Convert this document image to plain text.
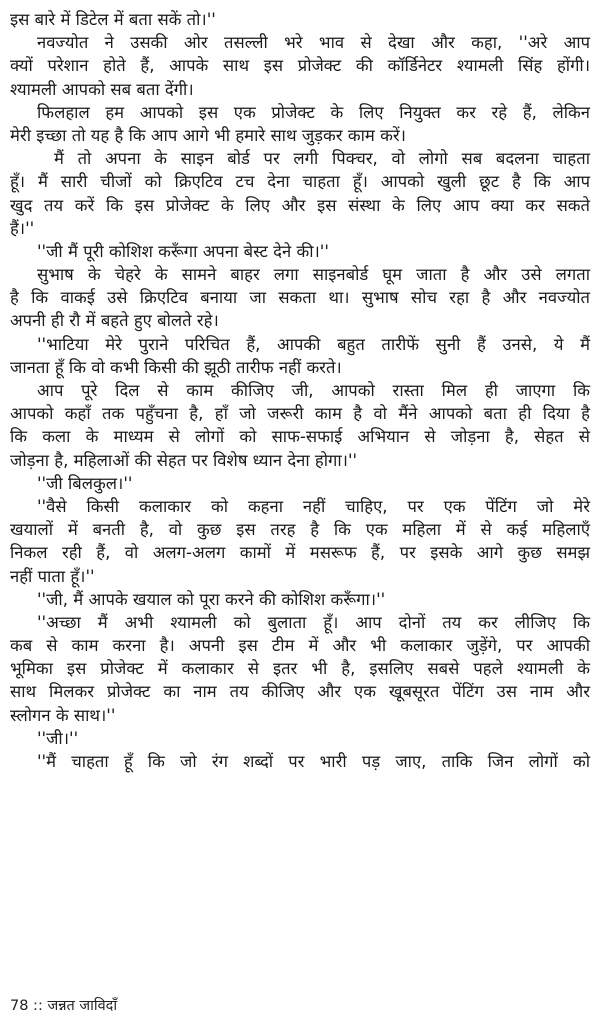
इस बारे में डिटेल में बता सकें तो।''
नवज्योत ने उसकी ओर तसल्ली भरे भाव से देखा और कहा, ''अरे आप
क्यों परेशान होते हैं, आपके साथ इस प्रोजेक्ट की कॉर्डिनेटर श्यामली सिंह होंगी।
श्यामली आपको सब बता देंगी।
फिलहाल हम आपको इस एक प्रोजेक्ट के लिए नियुक्त कर रहे हैं, लेकिन
मेरी इच्छा तो यह है कि आप आगे भी हमारे साथ जुड़कर काम करें।
मैं तो अपना के साइन बोर्ड पर लगी पिक्चर, वो लोगो सब बदलना चाहता
हूँ। मैं सारी चीजों को क्रिएटिव टच देना चाहता हूँ। आपको खुली छूट है कि आप
खुद तय करें कि इस प्रोजेक्ट के लिए और इस संस्था के लिए आप क्या कर सकते
हैं।''
''जी मैं पूरी कोशिश करूँगा अपना बेस्ट देने की।''
सुभाष के चेहरे के सामने बाहर लगा साइनबोर्ड घूम जाता है और उसे लगता
है कि वाकई उसे क्रिएटिव बनाया जा सकता था। सुभाष सोच रहा है और नवज्योत
अपनी ही रौ में बहते हुए बोलते रहे।
''भाटिया मेरे पुराने परिचित हैं, आपकी बहुत तारीफें सुनी हैं उनसे, ये मैं
जानता हूँ कि वो कभी किसी की झूठी तारीफ नहीं करते।
आप पूरे दिल से काम कीजिए जी, आपको रास्ता मिल ही जाएगा कि
आपको कहाँ तक पहुँचना है, हाँ जो जरूरी काम है वो मैंने आपको बता ही दिया है
कि कला के माध्यम से लोगों को साफ-सफाई अभियान से जोड़ना है, सेहत से
जोड़ना है, महिलाओं की सेहत पर विशेष ध्यान देना होगा।''
''जी बिलकुल।''
''वैसे किसी कलाकार को कहना नहीं चाहिए, पर एक पेंटिंग जो मेरे
खयालों में बनती है, वो कुछ इस तरह है कि एक महिला में से कई महिलाएँ
निकल रही हैं, वो अलग-अलग कामों में मसरूफ हैं, पर इसके आगे कुछ समझ
नहीं पाता हूँ।''
''जी, मैं आपके खयाल को पूरा करने की कोशिश करूँगा।''
''अच्छा मैं अभी श्यामली को बुलाता हूँ। आप दोनों तय कर लीजिए कि
कब से काम करना है। अपनी इस टीम में और भी कलाकार जुड़ेंगे, पर आपकी
भूमिका इस प्रोजेक्ट में कलाकार से इतर भी है, इसलिए सबसे पहले श्यामली के
साथ मिलकर प्रोजेक्ट का नाम तय कीजिए और एक खूबसूरत पेंटिंग उस नाम और
स्लोगन के साथ।''
''जी।''
''मैं चाहता हूँ कि जो रंग शब्दों पर भारी पड़ जाए, ताकि जिन लोगों को
78 :: जन्नत जाविदाँ
